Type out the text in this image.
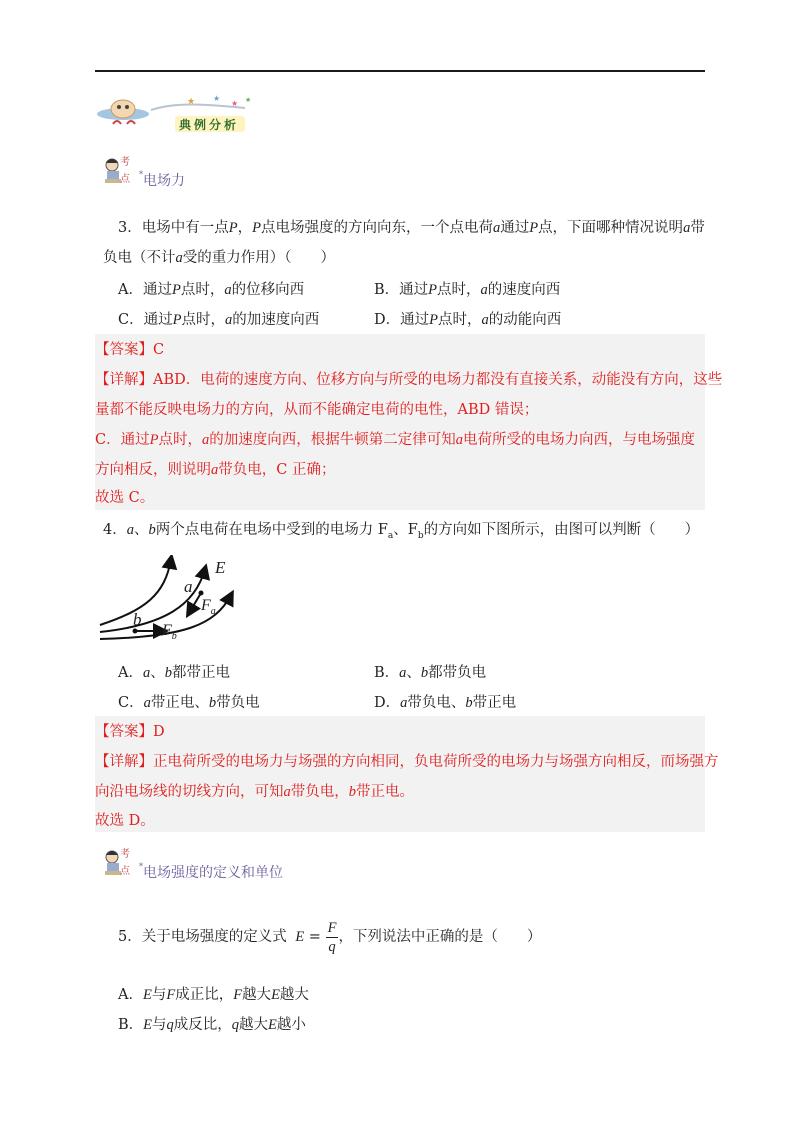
★ ★
★ ★
典例分析
考
点 *电场力
3．电场中有一点P，P点电场强度的方向向东，一个点电荷a通过P点，下面哪种情况说明a带
负电（不计a受的重力作用）（　　）
A．通过P点时，a的位移向西	B．通过P点时，a的速度向西
C．通过P点时，a的加速度向西	D．通过P点时，a的动能向西
【答案】C
【详解】ABD．电荷的速度方向、位移方向与所受的电场力都没有直接关系，动能没有方向，这些
量都不能反映电场力的方向，从而不能确定电荷的电性，ABD 错误；
C．通过P点时，a的加速度向西，根据牛顿第二定律可知a电荷所受的电场力向西，与电场强度
方向相反，则说明a带负电，C 正确；
故选 C。
4．a、b两个点电荷在电场中受到的电场力 $F_a$、$F_b$的方向如下图所示，由图可以判断（　　）
E
a
$F_a$
b
$F_b$
A．a、b都带正电	B．a、b都带负电
C．a带正电、b带负电	D．a带负电、b带正电
【答案】D
【详解】正电荷所受的电场力与场强的方向相同，负电荷所受的电场力与场强方向相反，而场强方
向沿电场线的切线方向，可知a带负电，b带正电。
故选 D。
考
点 *电场强度的定义和单位
5．关于电场强度的定义式 $E = \frac{F}{q}$ ，下列说法中正确的是（　　）
A．E与F成正比，F越大E越大
B．E与q成反比，q越大E越小
